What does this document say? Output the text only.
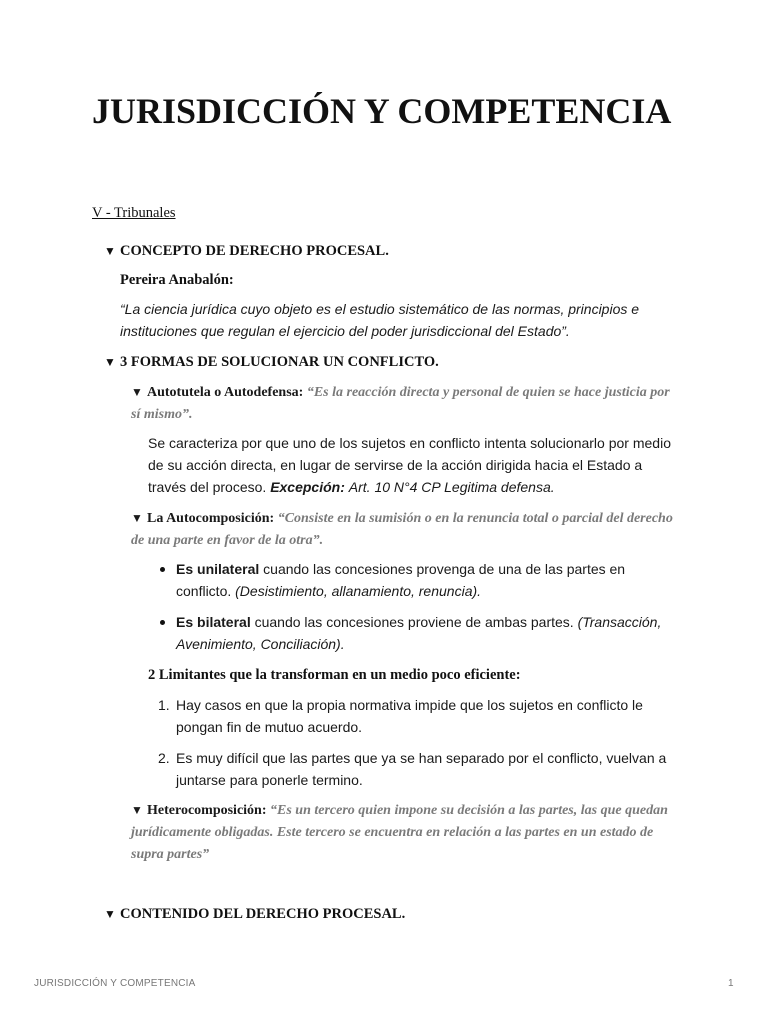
JURISDICCIÓN Y COMPETENCIA
V - Tribunales
▼ CONCEPTO DE DERECHO PROCESAL.
Pereira Anabalón:
“La ciencia jurídica cuyo objeto es el estudio sistemático de las normas, principios e instituciones que regulan el ejercicio del poder jurisdiccional del Estado”.
▼ 3 FORMAS DE SOLUCIONAR UN CONFLICTO.
▼ Autotutela o Autodefensa: “Es la reacción directa y personal de quien se hace justicia por sí mismo”.
Se caracteriza por que uno de los sujetos en conflicto intenta solucionarlo por medio de su acción directa, en lugar de servirse de la acción dirigida hacia el Estado a través del proceso. Excepción: Art. 10 N°4 CP Legitima defensa.
▼ La Autocomposición: “Consiste en la sumisión o en la renuncia total o parcial del derecho de una parte en favor de la otra”.
Es unilateral cuando las concesiones provenga de una de las partes en conflicto. (Desistimiento, allanamiento, renuncia).
Es bilateral cuando las concesiones proviene de ambas partes. (Transacción, Avenimiento, Conciliación).
2 Limitantes que la transforman en un medio poco eficiente:
1. Hay casos en que la propia normativa impide que los sujetos en conflicto le pongan fin de mutuo acuerdo.
2. Es muy difícil que las partes que ya se han separado por el conflicto, vuelvan a juntarse para ponerle termino.
▼ Heterocomposición: “Es un tercero quien impone su decisión a las partes, las que quedan jurídicamente obligadas. Este tercero se encuentra en relación a las partes en un estado de supra partes”
▼ CONTENIDO DEL DERECHO PROCESAL.
JURISDICCIÓN Y COMPETENCIA	1
